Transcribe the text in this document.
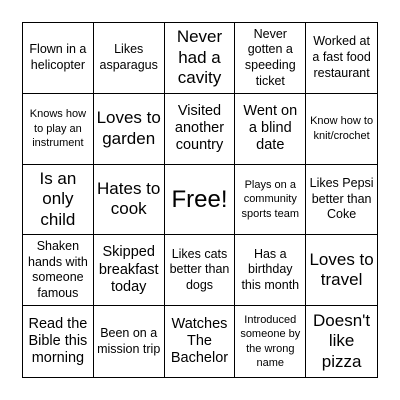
Flown in a helicopter
Likes asparagus
Never had a cavity
Never gotten a speeding ticket
Worked at a fast food restaurant
Knows how to play an instrument
Loves to garden
Visited another country
Went on a blind date
Know how to knit/crochet
Is an only child
Hates to cook	Free!
Plays on a community sports team
Likes Pepsi better than Coke
Shaken hands with someone famous
Skipped breakfast today
Likes cats better than dogs
Has a birthday this month
Loves to travel
Read the Bible this morning
Been on a mission trip
Watches The Bachelor
Introduced someone by the wrong name
Doesn't like pizza
